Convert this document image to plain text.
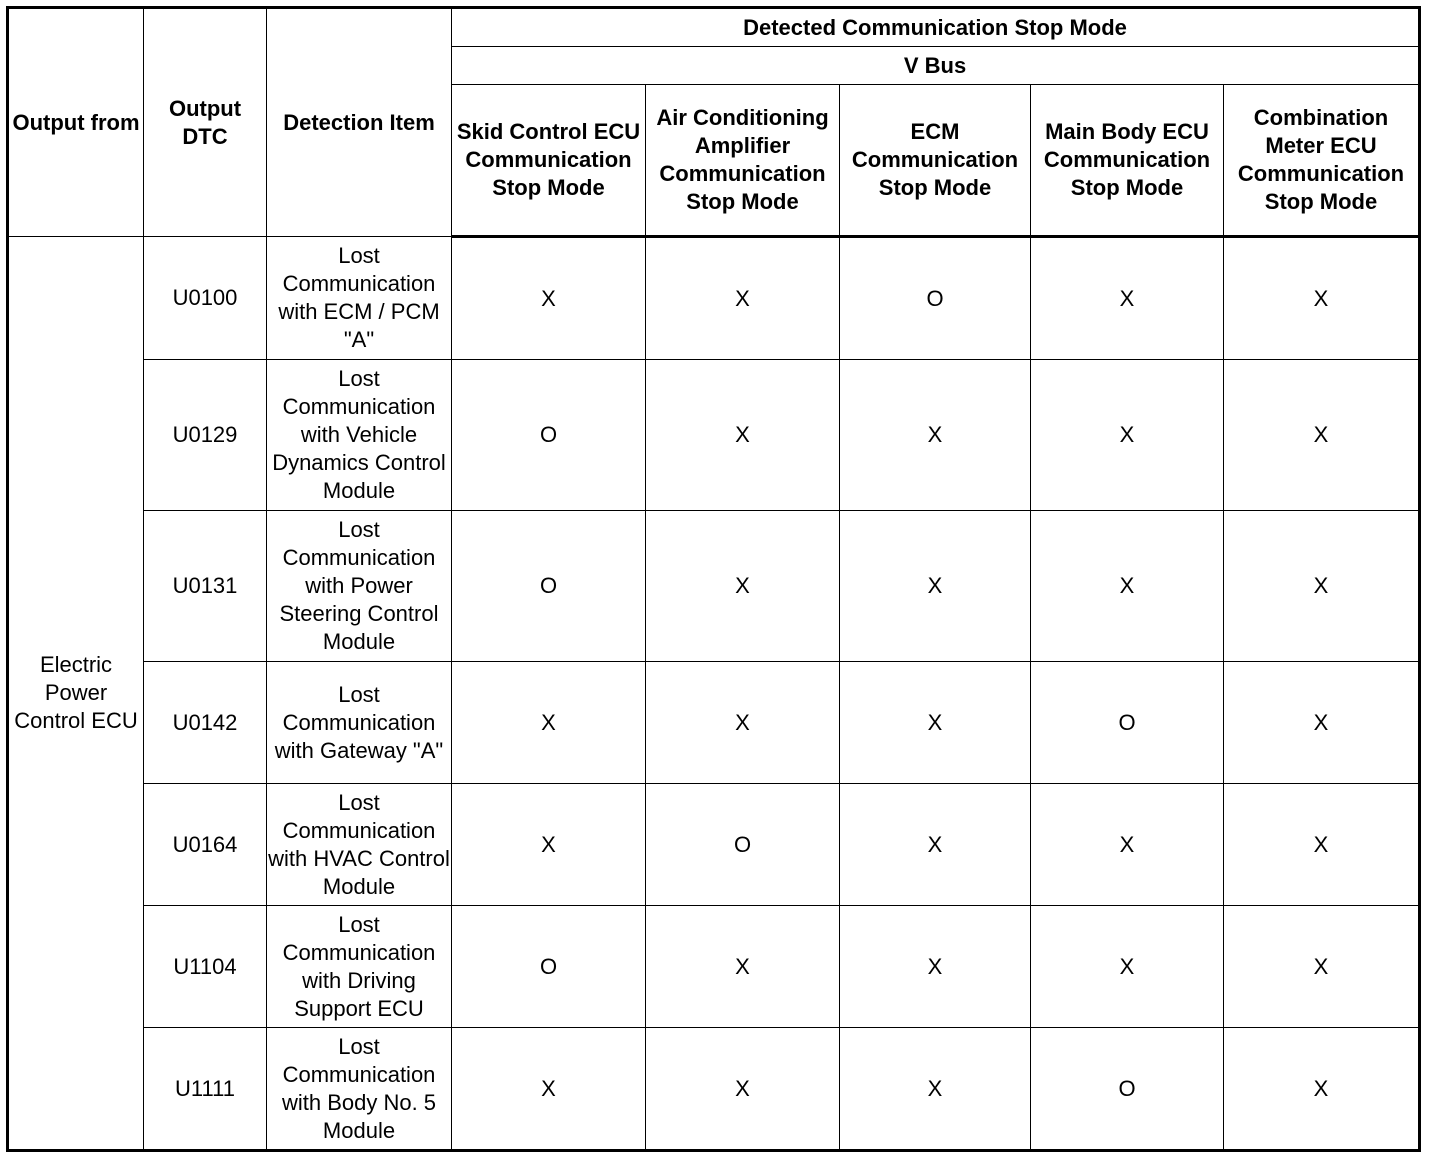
Output from	Output DTC	Detection Item	Detected Communication Stop Mode				
			V Bus				
			Skid Control ECU Communication Stop Mode	Air Conditioning Amplifier Communication Stop Mode	ECM Communication Stop Mode	Main Body ECU Communication Stop Mode	Combination Meter ECU Communication Stop Mode
Electric Power Control ECU	U0100	Lost Communication with ECM / PCM "A"	X	X	O	X	X
	U0129	Lost Communication with Vehicle Dynamics Control Module	O	X	X	X	X
	U0131	Lost Communication with Power Steering Control Module	O	X	X	X	X
	U0142	Lost Communication with Gateway "A"	X	X	X	O	X
	U0164	Lost Communication with HVAC Control Module	X	O	X	X	X
	U1104	Lost Communication with Driving Support ECU	O	X	X	X	X
	U1111	Lost Communication with Body No. 5 Module	X	X	X	O	X
